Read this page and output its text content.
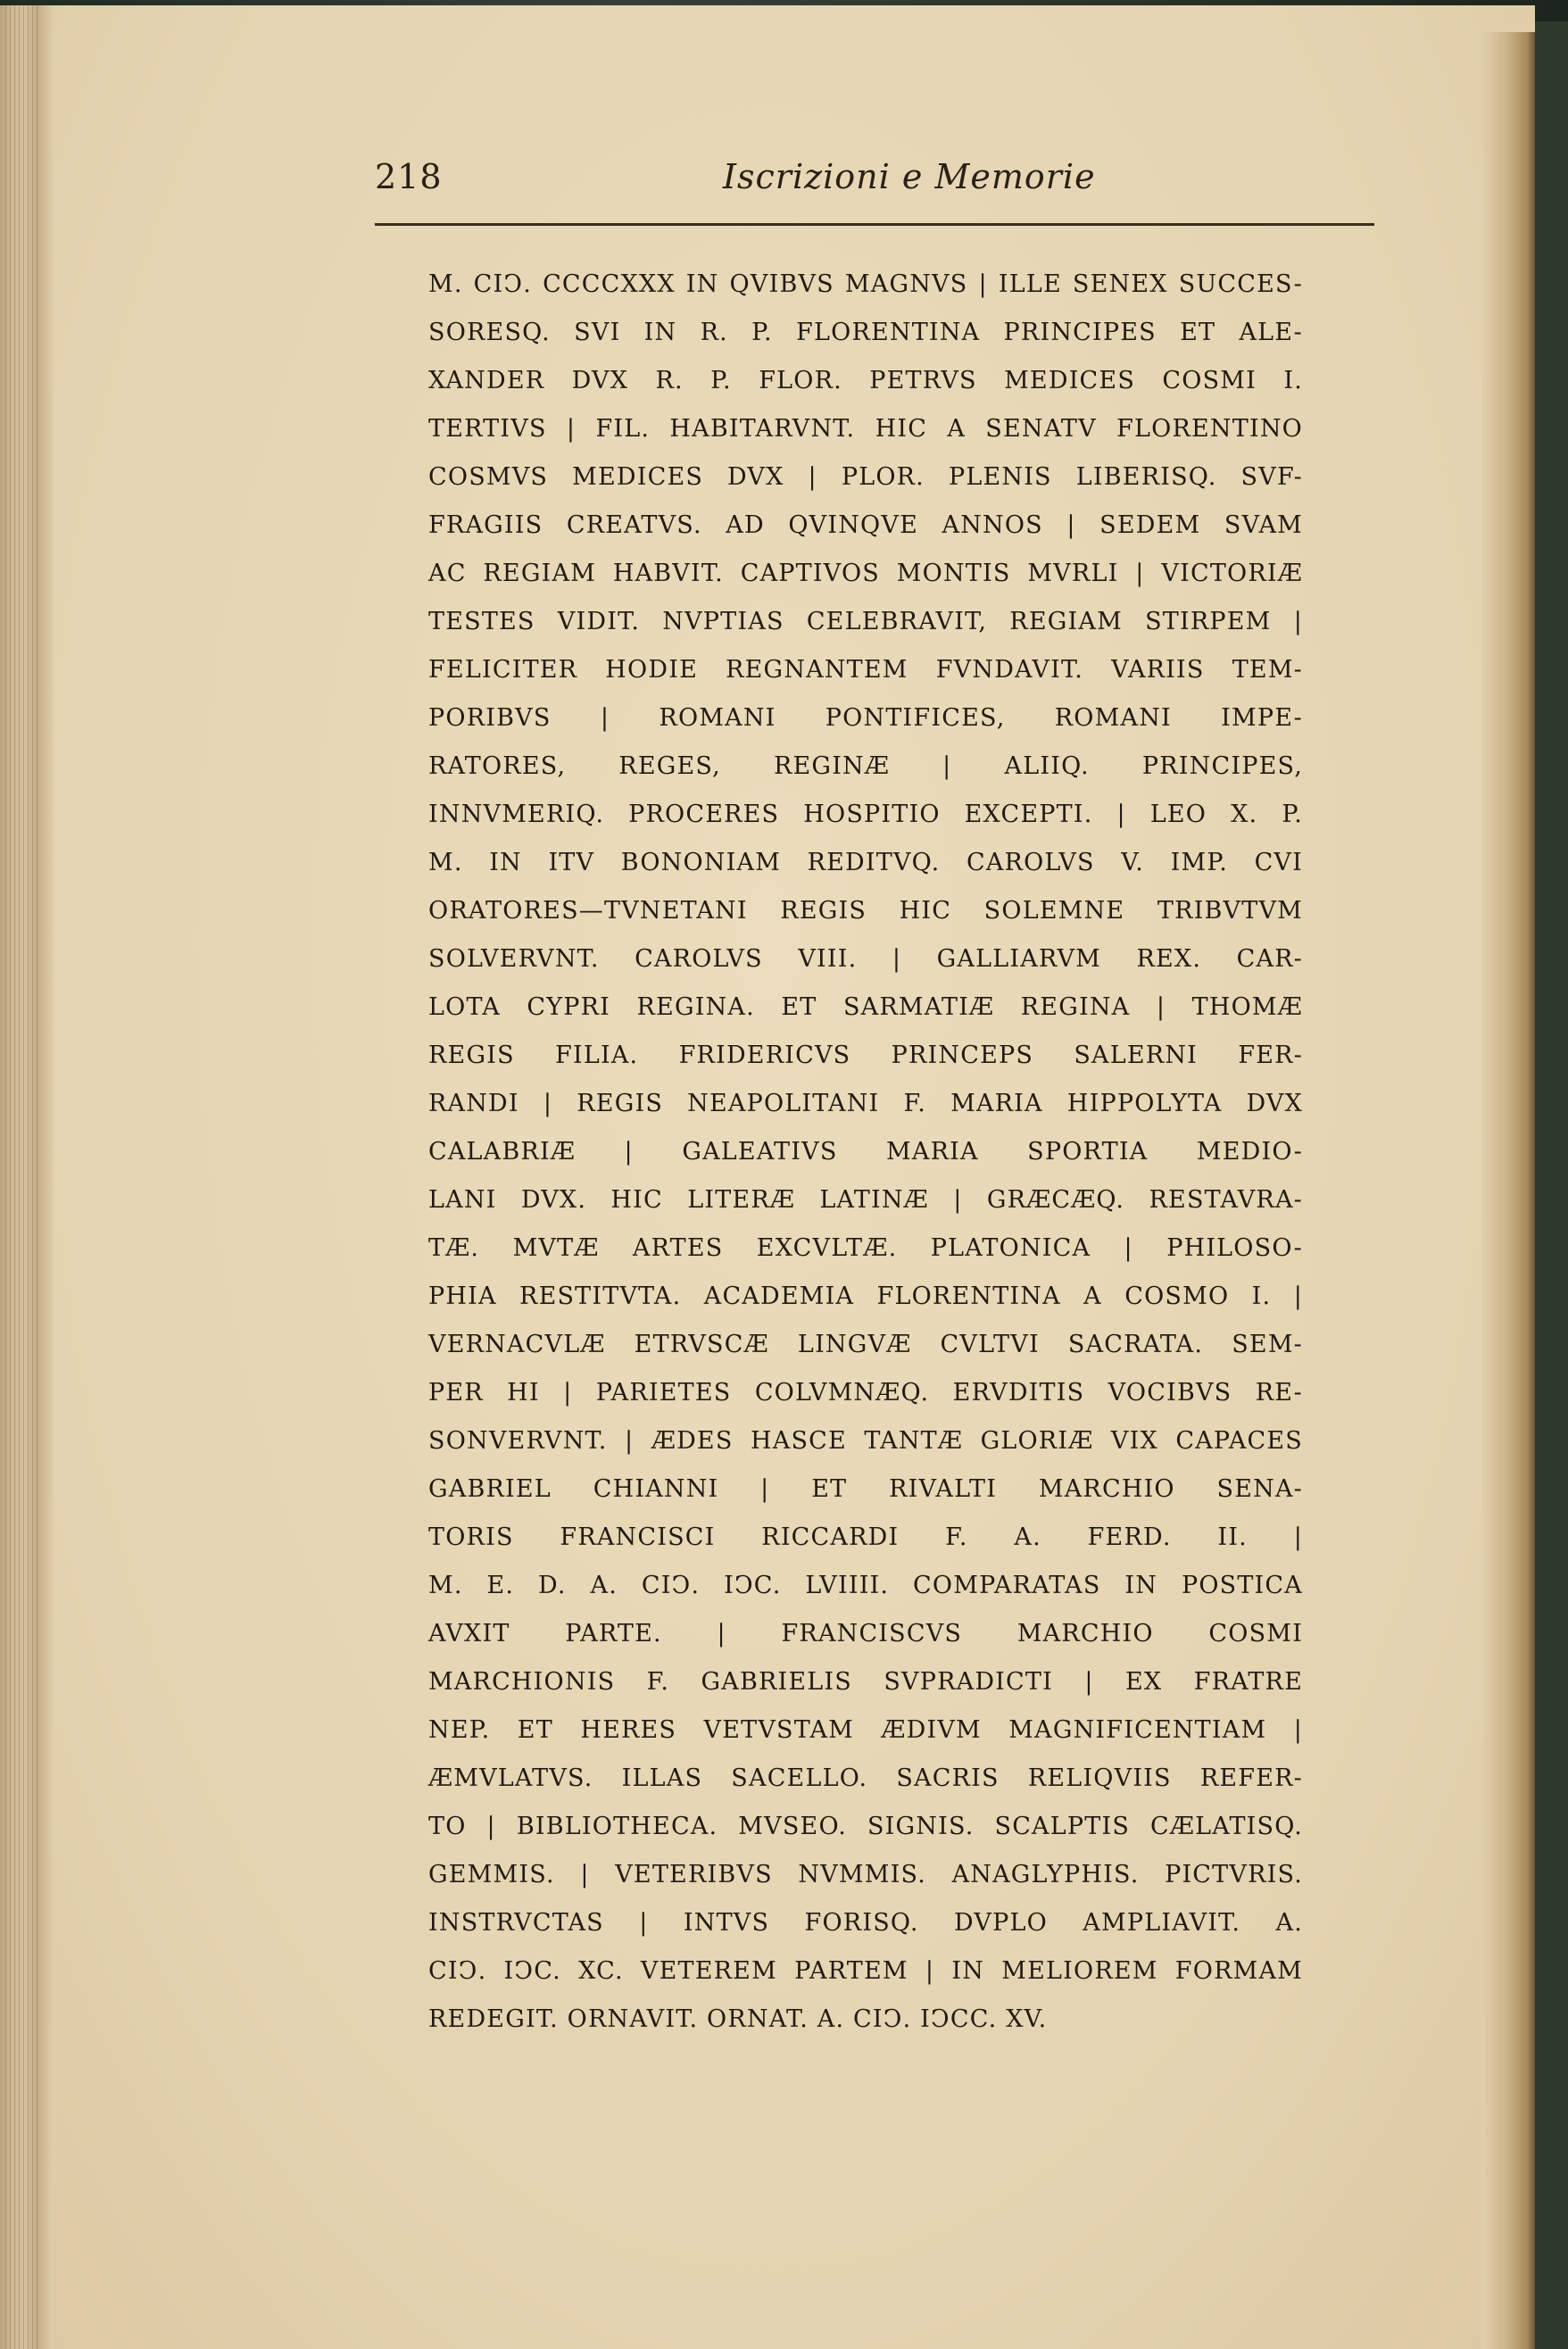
218	Iscrizioni e Memorie
M. CIↃ. CCCCXXX IN QVIBVS MAGNVS | ILLE SENEX SUCCES-
SORESQ. SVI IN R. P. FLORENTINA PRINCIPES ET ALE-
XANDER DVX R. P. FLOR. PETRVS MEDICES COSMI I.
TERTIVS | FIL. HABITARVNT. HIC A SENATV FLORENTINO
COSMVS MEDICES DVX | PLOR. PLENIS LIBERISQ. SVF-
FRAGIIS CREATVS. AD QVINQVE ANNOS | SEDEM SVAM
AC REGIAM HABVIT. CAPTIVOS MONTIS MVRLI | VICTORIÆ
TESTES VIDIT. NVPTIAS CELEBRAVIT, REGIAM STIRPEM |
FELICITER HODIE REGNANTEM FVNDAVIT. VARIIS TEM-
PORIBVS | ROMANI PONTIFICES, ROMANI IMPE-
RATORES, REGES, REGINÆ | ALIIQ. PRINCIPES,
INNVMERIQ. PROCERES HOSPITIO EXCEPTI. | LEO X. P.
M. IN ITV BONONIAM REDITVQ. CAROLVS V. IMP. CVI
ORATORES—TVNETANI REGIS HIC SOLEMNE TRIBVTVM
SOLVERVNT. CAROLVS VIII. | GALLIARVM REX. CAR-
LOTA CYPRI REGINA. ET SARMATIÆ REGINA | THOMÆ
REGIS FILIA. FRIDERICVS PRINCEPS SALERNI FER-
RANDI | REGIS NEAPOLITANI F. MARIA HIPPOLYTA DVX
CALABRIÆ | GALEATIVS MARIA SPORTIA MEDIO-
LANI DVX. HIC LITERÆ LATINÆ | GRÆCÆQ. RESTAVRA-
TÆ. MVTÆ ARTES EXCVLTÆ. PLATONICA | PHILOSO-
PHIA RESTITVTA. ACADEMIA FLORENTINA A COSMO I. |
VERNACVLÆ ETRVSCÆ LINGVÆ CVLTVI SACRATA. SEM-
PER HI | PARIETES COLVMNÆQ. ERVDITIS VOCIBVS RE-
SONVERVNT. | ÆDES HASCE TANTÆ GLORIÆ VIX CAPACES
GABRIEL CHIANNI | ET RIVALTI MARCHIO SENA-
TORIS FRANCISCI RICCARDI F. A. FERD. II. |
M. E. D. A. CIↃ. IↃC. LVIIII. COMPARATAS IN POSTICA
AVXIT PARTE. | FRANCISCVS MARCHIO COSMI
MARCHIONIS F. GABRIELIS SVPRADICTI | EX FRATRE
NEP. ET HERES VETVSTAM ÆDIVM MAGNIFICENTIAM |
ÆMVLATVS. ILLAS SACELLO. SACRIS RELIQVIIS REFER-
TO | BIBLIOTHECA. MVSEO. SIGNIS. SCALPTIS CÆLATISQ.
GEMMIS. | VETERIBVS NVMMIS. ANAGLYPHIS. PICTVRIS.
INSTRVCTAS | INTVS FORISQ. DVPLO AMPLIAVIT. A.
CIↃ. IↃC. XC. VETEREM PARTEM | IN MELIOREM FORMAM
REDEGIT. ORNAVIT. ORNAT. A. CIↃ. IↃCC. XV.
